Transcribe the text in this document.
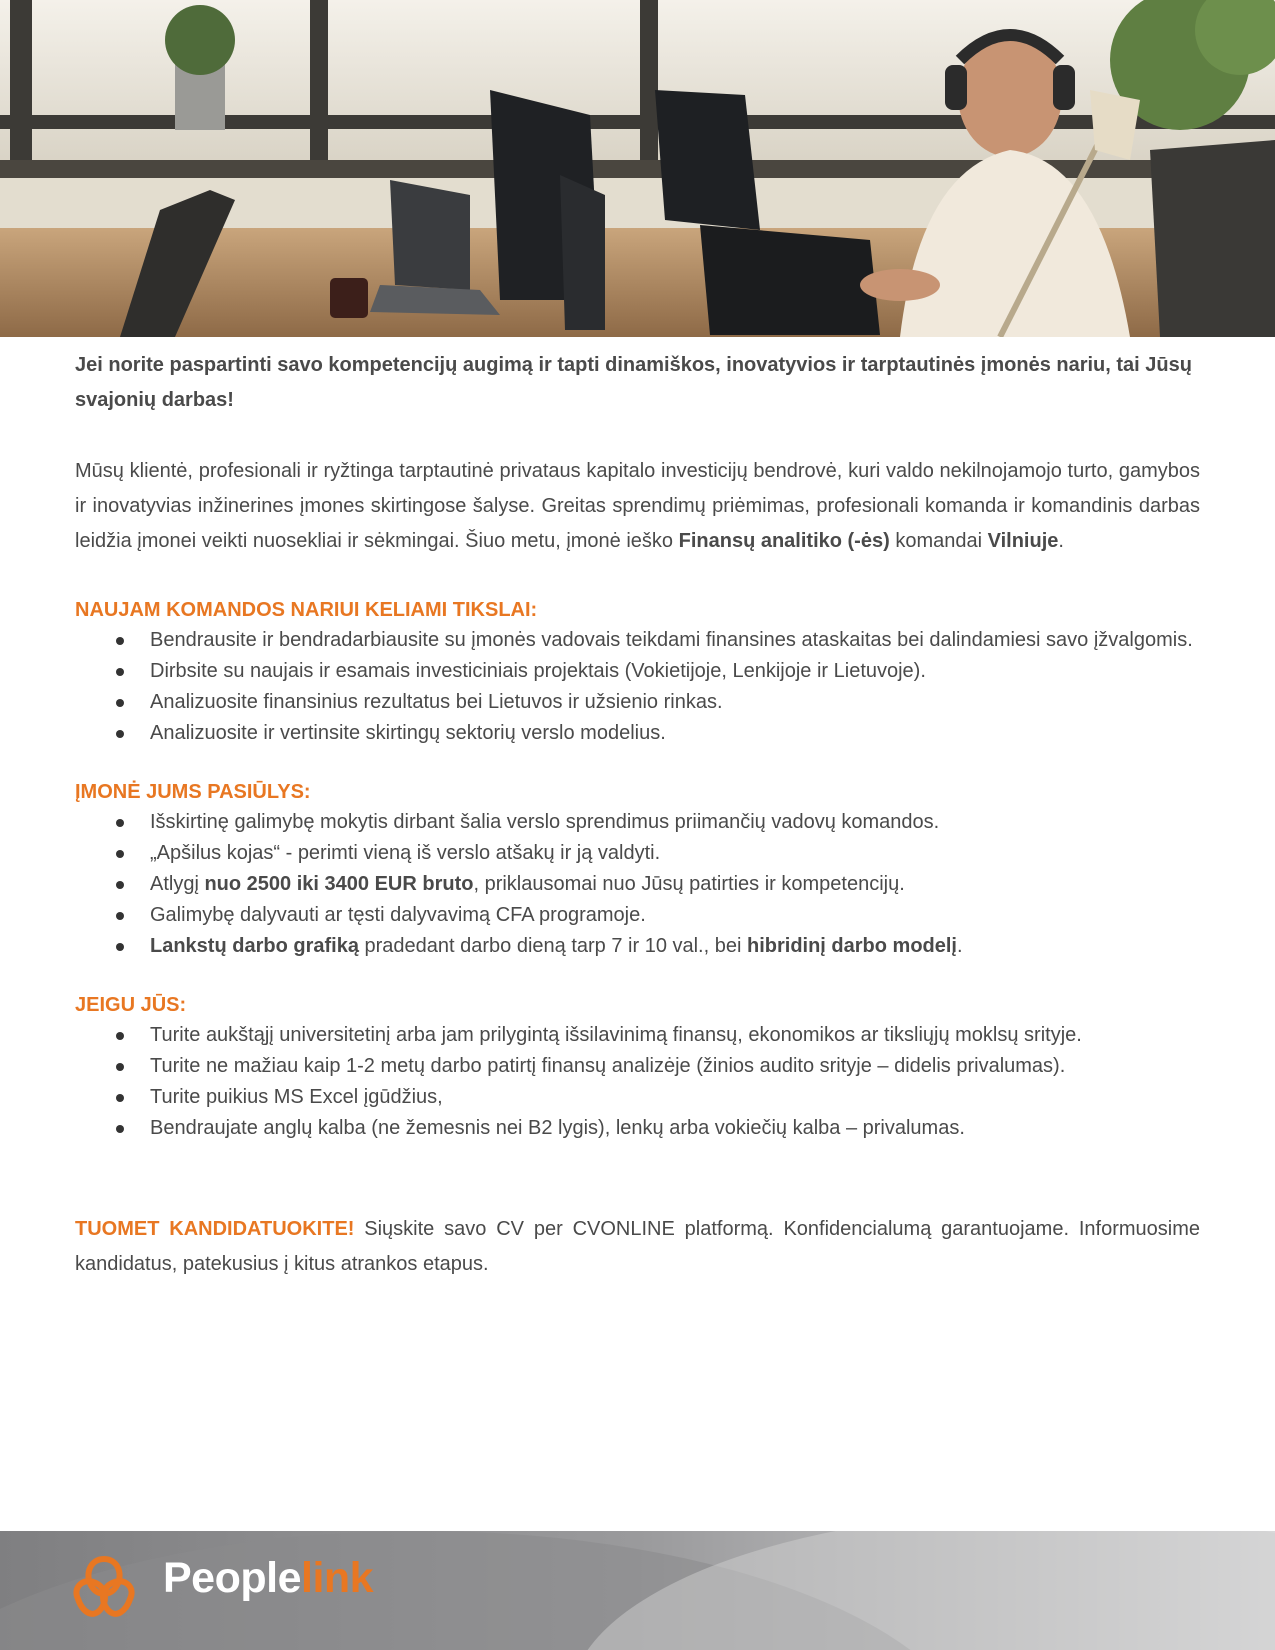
Jei norite paspartinti savo kompetencijų augimą ir tapti dinamiškos, inovatyvios ir tarptautinės įmonės nariu, tai Jūsų svajonių darbas!

Mūsų klientė, profesionali ir ryžtinga tarptautinė privataus kapitalo investicijų bendrovė, kuri valdo nekilnojamojo turto, gamybos ir inovatyvias inžinerines įmones skirtingose šalyse. Greitas sprendimų priėmimas, profesionali komanda ir komandinis darbas leidžia įmonei veikti nuosekliai ir sėkmingai. Šiuo metu, įmonė ieško Finansų analitiko (-ės) komandai Vilniuje.

NAUJAM KOMANDOS NARIUI KELIAMI TIKSLAI:

Bendrausite ir bendradarbiausite su įmonės vadovais teikdami finansines ataskaitas bei dalindamiesi savo įžvalgomis.
Dirbsite su naujais ir esamais investiciniais projektais (Vokietijoje, Lenkijoje ir Lietuvoje).
Analizuosite finansinius rezultatus bei Lietuvos ir užsienio rinkas.
Analizuosite ir vertinsite skirtingų sektorių verslo modelius.

ĮMONĖ JUMS PASIŪLYS:

Išskirtinę galimybę mokytis dirbant šalia verslo sprendimus priimančių vadovų komandos.
„Apšilus kojas“ - perimti vieną iš verslo atšakų ir ją valdyti.
Atlygį nuo 2500 iki 3400 EUR bruto, priklausomai nuo Jūsų patirties ir kompetencijų.
Galimybę dalyvauti ar tęsti dalyvavimą CFA programoje.
Lankstų darbo grafiką pradedant darbo dieną tarp 7 ir 10 val., bei hibridinį darbo modelį.

JEIGU JŪS:

Turite aukštąjį universitetinį arba jam prilygintą išsilavinimą finansų, ekonomikos ar tiksliųjų moklsų srityje.
Turite ne mažiau kaip 1-2 metų darbo patirtį finansų analizėje (žinios audito srityje – didelis privalumas).
Turite puikius MS Excel įgūdžius,
Bendraujate anglų kalba (ne žemesnis nei B2 lygis), lenkų arba vokiečių kalba – privalumas.

TUOMET KANDIDATUOKITE! Siųskite savo CV per CVONLINE platformą. Konfidencialumą garantuojame. Informuosime kandidatus, patekusius į kitus atrankos etapus.

Peoplelink
